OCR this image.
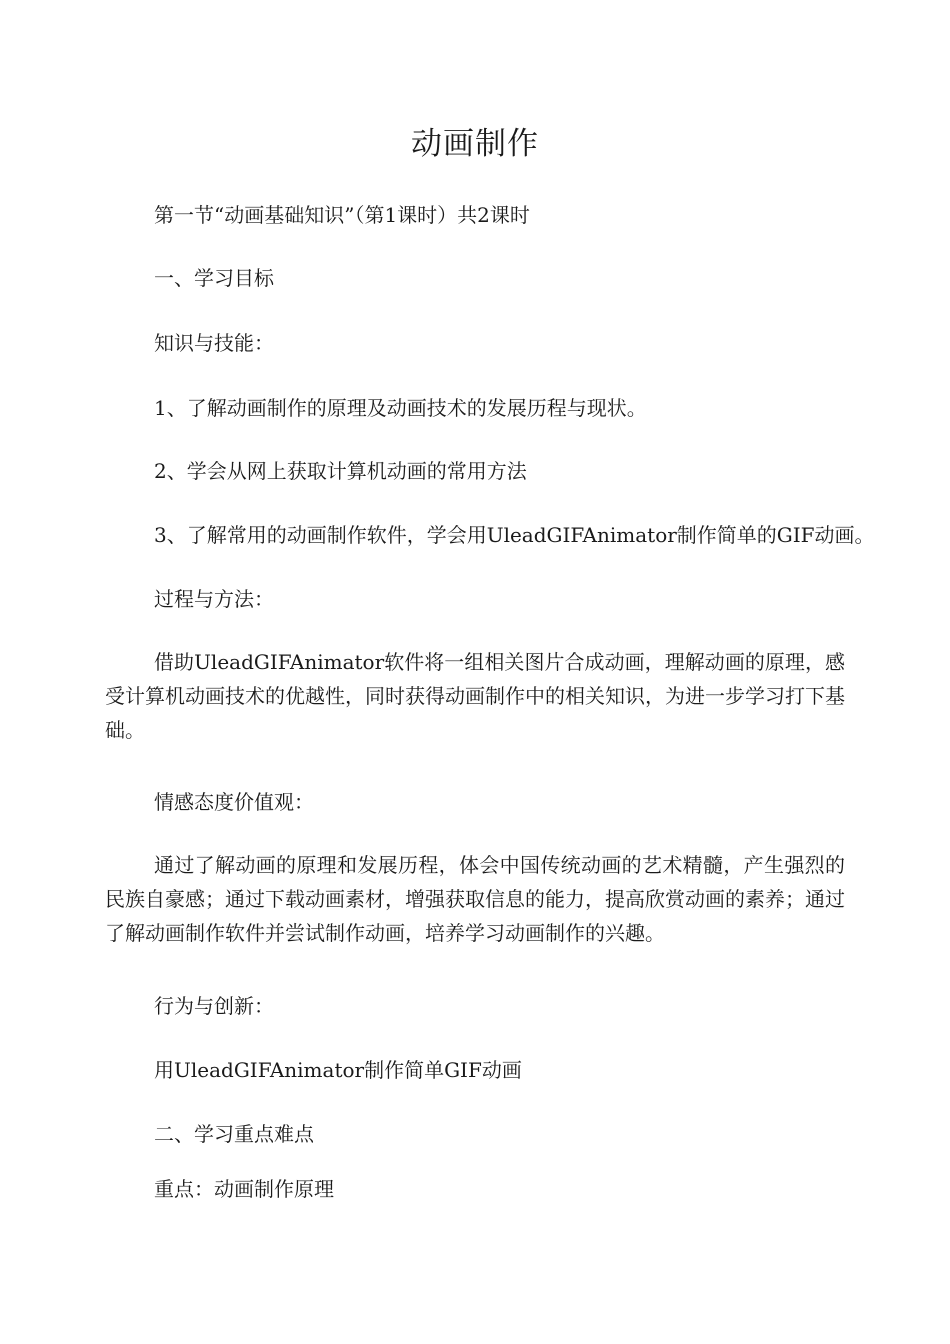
动画制作
第一节“动画基础知识”（第1课时）共2课时
一、学习目标
知识与技能：
1、了解动画制作的原理及动画技术的发展历程与现状。
2、学会从网上获取计算机动画的常用方法
3、了解常用的动画制作软件，学会用UleadGIFAnimator制作简单的GIF动画。
过程与方法：
借助UleadGIFAnimator软件将一组相关图片合成动画，理解动画的原理，感受计算机动画技术的优越性，同时获得动画制作中的相关知识，为进一步学习打下基础。
情感态度价值观：
通过了解动画的原理和发展历程，体会中国传统动画的艺术精髓，产生强烈的民族自豪感；通过下载动画素材，增强获取信息的能力，提高欣赏动画的素养；通过了解动画制作软件并尝试制作动画，培养学习动画制作的兴趣。
行为与创新：
用UleadGIFAnimator制作简单GIF动画
二、学习重点难点
重点：动画制作原理
